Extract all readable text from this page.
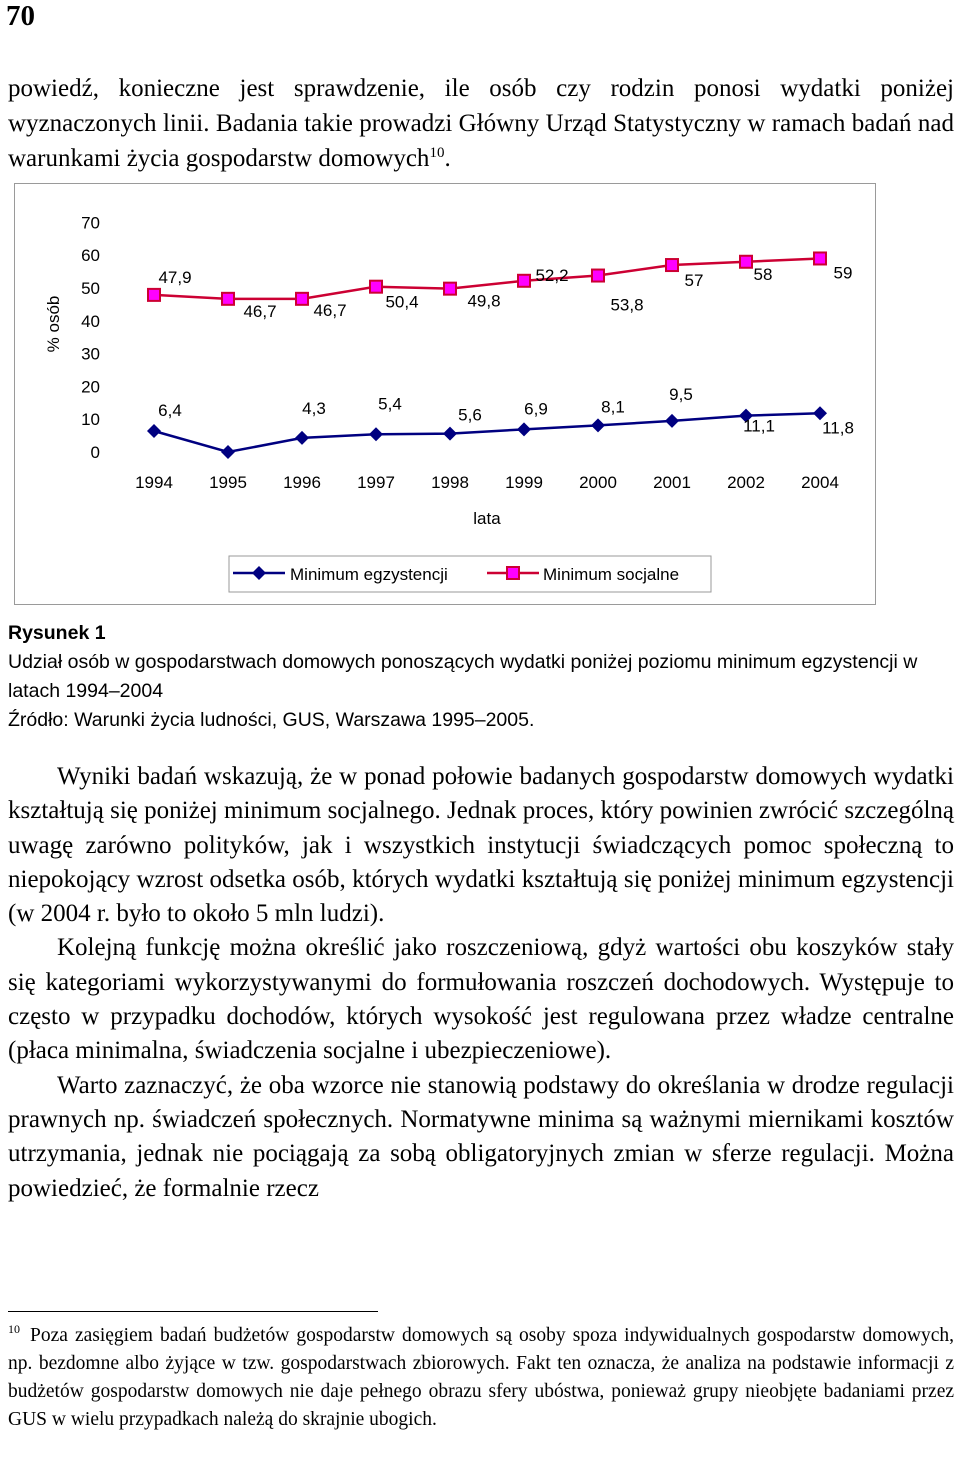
70

powiedź, konieczne jest sprawdzenie, ile osób czy rodzin ponosi wydatki poniżej wyznaczonych linii. Badania takie prowadzi Główny Urząd Statystyczny w ramach badań nad warunkami życia gospodarstw domowych$^{10}$.

% osób
0
10
20
30
40
50
60
70
1994 1995 1996 1997 1998 1999 2000 2001 2002 2004
lata
6,4	4,3	5,4
5,6 6,9	8,1
9,5
11,1	11,8
47,9
46,7 46,7 50,4	49,8
52,2
53,8
57	58	59
Minimum egzystencji	Minimum socjalne
Rysunek 1
Udział osób w gospodarstwach domowych ponoszących wydatki poniżej poziomu minimum egzystencji w latach 1994–2004
Źródło: Warunki życia ludności, GUS, Warszawa 1995–2005.

Wyniki badań wskazują, że w ponad połowie badanych gospodarstw domowych wydatki kształtują się poniżej minimum socjalnego. Jednak proces, który powinien zwrócić szczególną uwagę zarówno polityków, jak i wszystkich instytucji świadczących pomoc społeczną to niepokojący wzrost odsetka osób, których wydatki kształtują się poniżej minimum egzystencji (w 2004 r. było to około 5 mln ludzi).

Kolejną funkcję można określić jako roszczeniową, gdyż wartości obu koszyków stały się kategoriami wykorzystywanymi do formułowania roszczeń dochodowych. Występuje to często w przypadku dochodów, których wysokość jest regulowana przez władze centralne (płaca minimalna, świadczenia socjalne i ubezpieczeniowe).

Warto zaznaczyć, że oba wzorce nie stanowią podstawy do określania w drodze regulacji prawnych np. świadczeń społecznych. Normatywne minima są ważnymi miernikami kosztów utrzymania, jednak nie pociągają za sobą obligatoryjnych zmian w sferze regulacji. Można powiedzieć, że formalnie rzecz

$^{10}$ Poza zasięgiem badań budżetów gospodarstw domowych są osoby spoza indywidualnych gospodarstw domowych, np. bezdomne albo żyjące w tzw. gospodarstwach zbiorowych. Fakt ten oznacza, że analiza na podstawie informacji z budżetów gospodarstw domowych nie daje pełnego obrazu sfery ubóstwa, ponieważ grupy nieobjęte badaniami przez GUS w wielu przypadkach należą do skrajnie ubogich.
